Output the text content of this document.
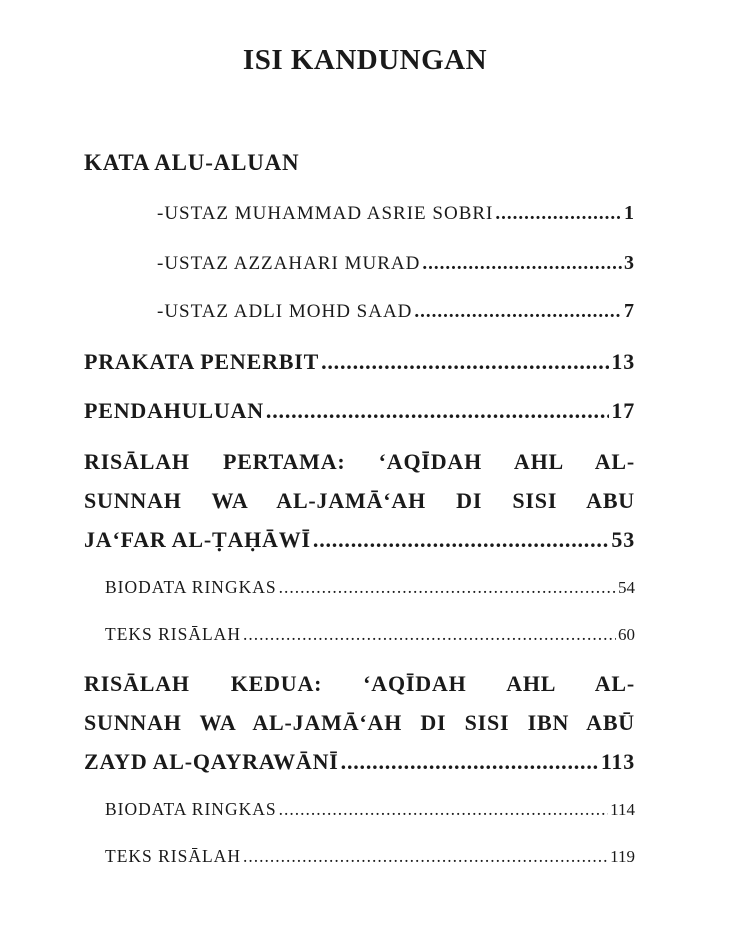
ISI KANDUNGAN
KATA ALU-ALUAN
-USTAZ MUHAMMAD ASRIE SOBRI .....	1
-USTAZ AZZAHARI MURAD .....	3
-USTAZ ADLI MOHD SAAD .....	7
PRAKATA PENERBIT .....	13
PENDAHULUAN .....	17
RISĀLAH PERTAMA: ‘AQĪDAH AHL AL-
SUNNAH WA AL-JAMĀ‘AH DI SISI ABU
JA‘FAR AL-ṬAḤĀWĪ .....	53
BIODATA RINGKAS .....	54
TEKS RISĀLAH .....	60
RISĀLAH KEDUA: ‘AQĪDAH AHL AL-
SUNNAH WA AL-JAMĀ‘AH DI SISI IBN ABŪ
ZAYD AL-QAYRAWĀNĪ .....	113
BIODATA RINGKAS .....	114
TEKS RISĀLAH .....	119
